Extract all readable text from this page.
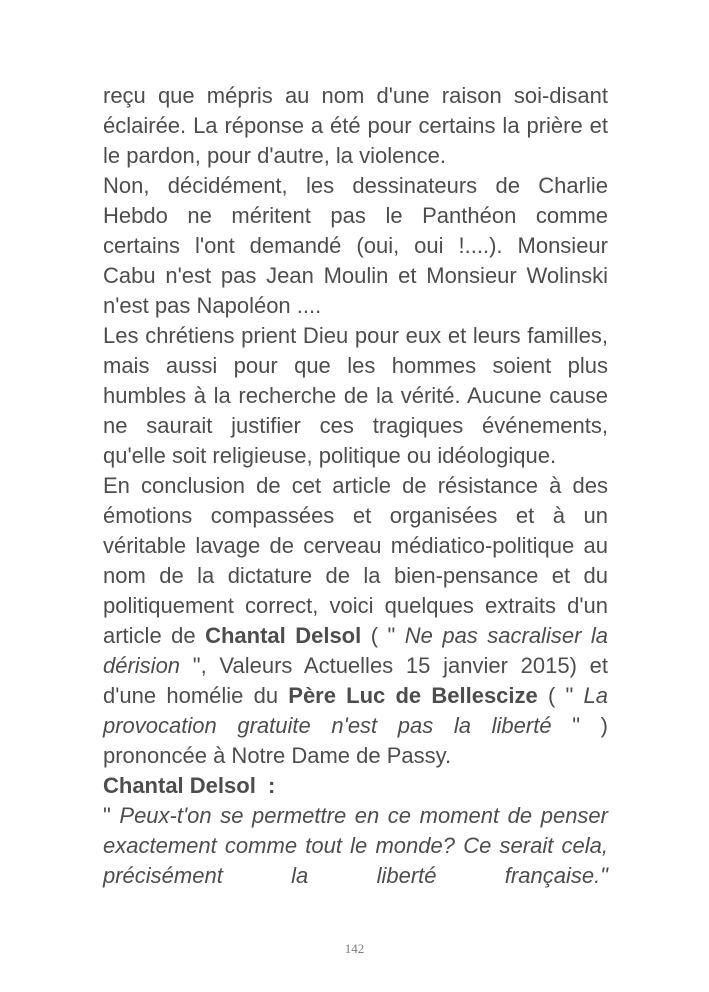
reçu que mépris au nom d'une raison soi-disant éclairée. La réponse a été pour certains la prière et le pardon, pour d'autre, la violence.

Non, décidément, les dessinateurs de Charlie Hebdo ne méritent pas le Panthéon comme certains l'ont demandé (oui, oui !....). Monsieur Cabu n'est pas Jean Moulin et Monsieur Wolinski n'est pas Napoléon ....

Les chrétiens prient Dieu pour eux et leurs familles, mais aussi pour que les hommes soient plus humbles à la recherche de la vérité. Aucune cause ne saurait justifier ces tragiques événements, qu'elle soit religieuse, politique ou idéologique.

En conclusion de cet article de résistance à des émotions compassées et organisées et à un véritable lavage de cerveau médiatico-politique au nom de la dictature de la bien-pensance et du politiquement correct, voici quelques extraits d'un article de Chantal Delsol ( " Ne pas sacraliser la dérision ", Valeurs Actuelles 15 janvier 2015) et d'une homélie du Père Luc de Bellescize ( " La provocation gratuite n'est pas la liberté " ) prononcée à Notre Dame de Passy.

Chantal Delsol  :

" Peux-t'on se permettre en ce moment de penser exactement comme tout le monde? Ce serait cela, précisément la liberté française."

142
